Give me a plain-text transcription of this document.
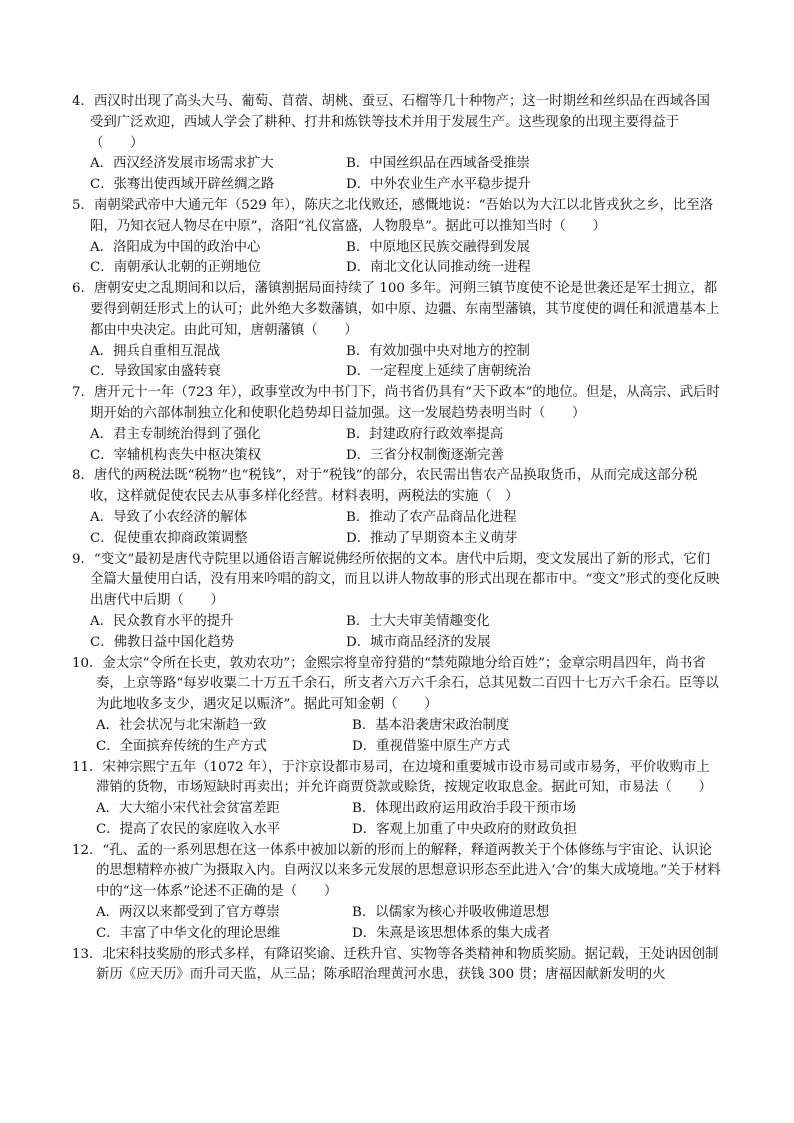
4．西汉时出现了高头大马、葡萄、苜蓿、胡桃、蚕豆、石榴等几十种物产；这一时期丝和丝织品在西域各国受到广泛欢迎，西域人学会了耕种、打井和炼铁等技术并用于发展生产。这些现象的出现主要得益于（　　）

A．西汉经济发展市场需求扩大	B．中国丝织品在西域备受推崇
C．张骞出使西域开辟丝绸之路	D．中外农业生产水平稳步提升

5．南朝梁武帝中大通元年（529 年），陈庆之北伐败还，感慨地说：“吾始以为大江以北皆戎狄之乡，比至洛阳，乃知衣冠人物尽在中原”，洛阳“礼仪富盛，人物殷阜”。据此可以推知当时（　　）

A．洛阳成为中国的政治中心	B．中原地区民族交融得到发展
C．南朝承认北朝的正朔地位	D．南北文化认同推动统一进程

6．唐朝安史之乱期间和以后，藩镇割据局面持续了 100 多年。河朔三镇节度使不论是世袭还是军士拥立，都要得到朝廷形式上的认可；此外绝大多数藩镇，如中原、边疆、东南型藩镇，其节度使的调任和派遣基本上都由中央决定。由此可知，唐朝藩镇（　　）

A．拥兵自重相互混战	B．有效加强中央对地方的控制
C．导致国家由盛转衰	D．一定程度上延续了唐朝统治

7．唐开元十一年（723 年），政事堂改为中书门下，尚书省仍具有“天下政本”的地位。但是，从高宗、武后时期开始的六部体制独立化和使职化趋势却日益加强。这一发展趋势表明当时（　　）

A．君主专制统治得到了强化	B．封建政府行政效率提高
C．宰辅机构丧失中枢决策权	D．三省分权制衡逐渐完善

8．唐代的两税法既“税物”也“税钱”，对于“税钱”的部分，农民需出售农产品换取货币，从而完成这部分税收，这样就促使农民去从事多样化经营。材料表明，两税法的实施（　）

A．导致了小农经济的解体	B．推动了农产品商品化进程
C．促使重农抑商政策调整	D．推动了早期资本主义萌芽

9．“变文”最初是唐代寺院里以通俗语言解说佛经所依据的文本。唐代中后期，变文发展出了新的形式，它们全篇大量使用白话，没有用来吟唱的韵文，而且以讲人物故事的形式出现在都市中。“变文”形式的变化反映出唐代中后期（　　）

A．民众教育水平的提升	B．士大夫审美情趣变化
C．佛教日益中国化趋势	D．城市商品经济的发展

10．金太宗“令所在长吏，敦劝农功”；金熙宗将皇帝狩猎的“禁苑隙地分给百姓”；金章宗明昌四年，尚书省奏，上京等路“每岁收粟二十万五千余石，所支者六万六千余石，总其见数二百四十七万六千余石。臣等以为此地收多支少，遇灾足以赈济”。据此可知金朝（　　）

A．社会状况与北宋渐趋一致	B．基本沿袭唐宋政治制度
C．全面摈弃传统的生产方式	D．重视借鉴中原生产方式

11．宋神宗熙宁五年（1072 年），于汴京设都市易司，在边境和重要城市设市易司或市易务，平价收购市上滞销的货物，市场短缺时再卖出；并允许商贾贷款或赊货，按规定收取息金。据此可知，市易法（　　）

A．大大缩小宋代社会贫富差距	B．体现出政府运用政治手段干预市场
C．提高了农民的家庭收入水平	D．客观上加重了中央政府的财政负担

12．“孔、孟的一系列思想在这一体系中被加以新的形而上的解释，释道两教关于个体修练与宇宙论、认识论的思想精粹亦被广为摄取入内。自两汉以来多元发展的思想意识形态至此进入‘合’的集大成境地。”关于材料中的“这一体系”论述不正确的是（　　）

A．两汉以来都受到了官方尊崇	B．以儒家为核心并吸收佛道思想
C．丰富了中华文化的理论思维	D．朱熹是该思想体系的集大成者

13．北宋科技奖励的形式多样，有降诏奖谕、迁秩升官、实物等各类精神和物质奖励。据记载，王处讷因创制新历《应天历》而升司天监，从三品；陈承昭治理黄河水患，获钱 300 贯；唐福因献新发明的火
